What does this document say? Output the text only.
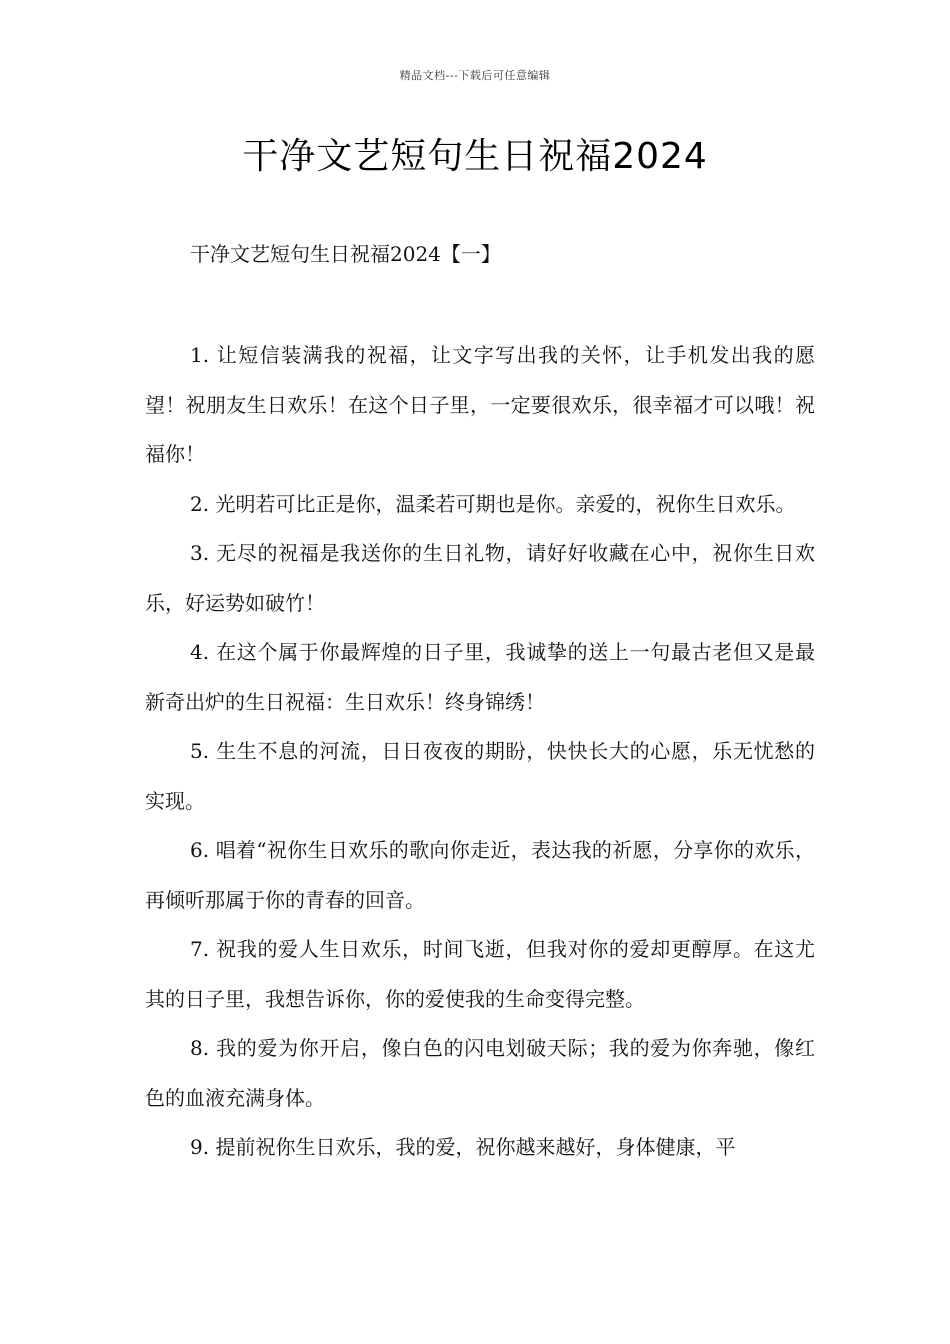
精品文档---下载后可任意编辑
干净文艺短句生日祝福2024
干净文艺短句生日祝福2024【一】

1. 让短信装满我的祝福，让文字写出我的关怀，让手机发出我的愿望！祝朋友生日欢乐！在这个日子里，一定要很欢乐，很幸福才可以哦！祝福你！

2. 光明若可比正是你，温柔若可期也是你。亲爱的，祝你生日欢乐。

3. 无尽的祝福是我送你的生日礼物，请好好收藏在心中，祝你生日欢乐，好运势如破竹！

4. 在这个属于你最辉煌的日子里，我诚挚的送上一句最古老但又是最新奇出炉的生日祝福：生日欢乐！终身锦绣！

5. 生生不息的河流，日日夜夜的期盼，快快长大的心愿，乐无忧愁的实现。

6. 唱着“祝你生日欢乐的歌向你走近，表达我的祈愿，分享你的欢乐，再倾听那属于你的青春的回音。

7. 祝我的爱人生日欢乐，时间飞逝，但我对你的爱却更醇厚。在这尤其的日子里，我想告诉你，你的爱使我的生命变得完整。

8. 我的爱为你开启，像白色的闪电划破天际；我的爱为你奔驰，像红色的血液充满身体。

9. 提前祝你生日欢乐，我的爱，祝你越来越好，身体健康，平
